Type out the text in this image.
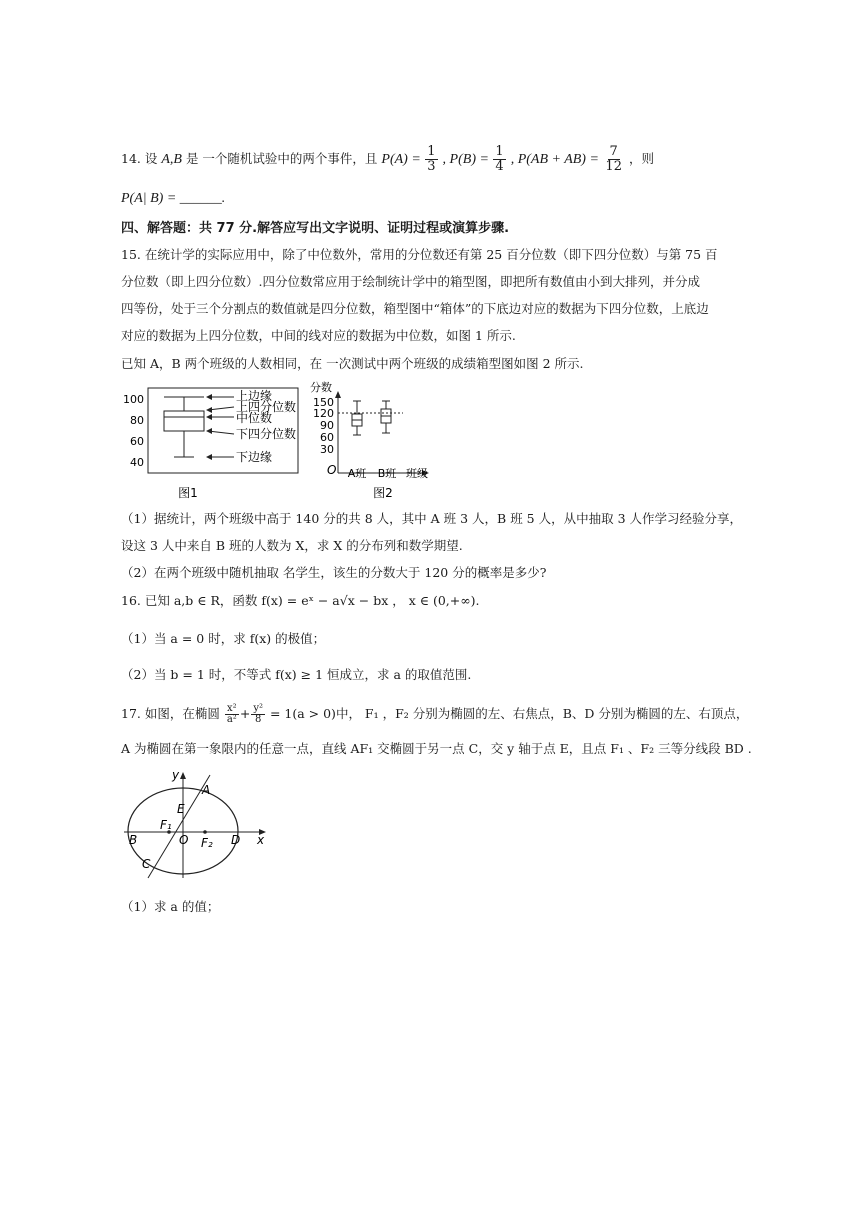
14. 设 A,B 是 一个随机试验中的两个事件，且 $P(A) = \frac{1}{3}$ , $P(B) = \frac{1}{4}$ , $P(AB + AB) = \frac{7}{12}$ ，则
P(A| B) = ______.
四、解答题：共 77 分.解答应写出文字说明、证明过程或演算步骤.
15. 在统计学的实际应用中，除了中位数外，常用的分位数还有第 25 百分位数（即下四分位数）与第 75 百
分位数（即上四分位数）.四分位数常应用于绘制统计学中的箱型图，即把所有数值由小到大排列，并分成
四等份，处于三个分割点的数值就是四分位数，箱型图中“箱体”的下底边对应的数据为下四分位数，上底边
对应的数据为上四分位数，中间的线对应的数据为中位数，如图 1 所示.
已知 A，B 两个班级的人数相同，在 一次测试中两个班级的成绩箱型图如图 2 所示.
100
80
60
40
上边缘
上四分位数
中位数
下四分位数
下边缘
图1
分数
150
120
90
60
30
O A班 B班 班级
图2
（1）据统计，两个班级中高于 140 分的共 8 人，其中 A 班 3 人，B 班 5 人，从中抽取 3 人作学习经验分享，
设这 3 人中来自 B 班的人数为 X，求 X 的分布列和数学期望.
（2）在两个班级中随机抽取 名学生，该生的分数大于 120 分的概率是多少?
16. 已知 a,b ∈ R，函数 f(x) = eˣ − a√x − bx ， x ∈ (0,+∞).
（1）当 a = 0 时，求 f(x) 的极值；
（2）当 b = 1 时，不等式 f(x) ≥ 1 恒成立，求 a 的取值范围.
17. 如图，在椭圆 $\frac{\text{x²}}{\text{a²}} + \frac{\text{y²}}{8} = 1(a > 0)$中， F₁ ，F₂ 分别为椭圆的左、右焦点，B、D 分别为椭圆的左、右顶点，
A 为椭圆在第一象限内的任意一点，直线 AF₁ 交椭圆于另一点 C，交 y 轴于点 E，且点 F₁ 、F₂ 三等分线段 BD .
y
A
E
F₁
B	O F₂ D x
C
（1）求 a 的值；
